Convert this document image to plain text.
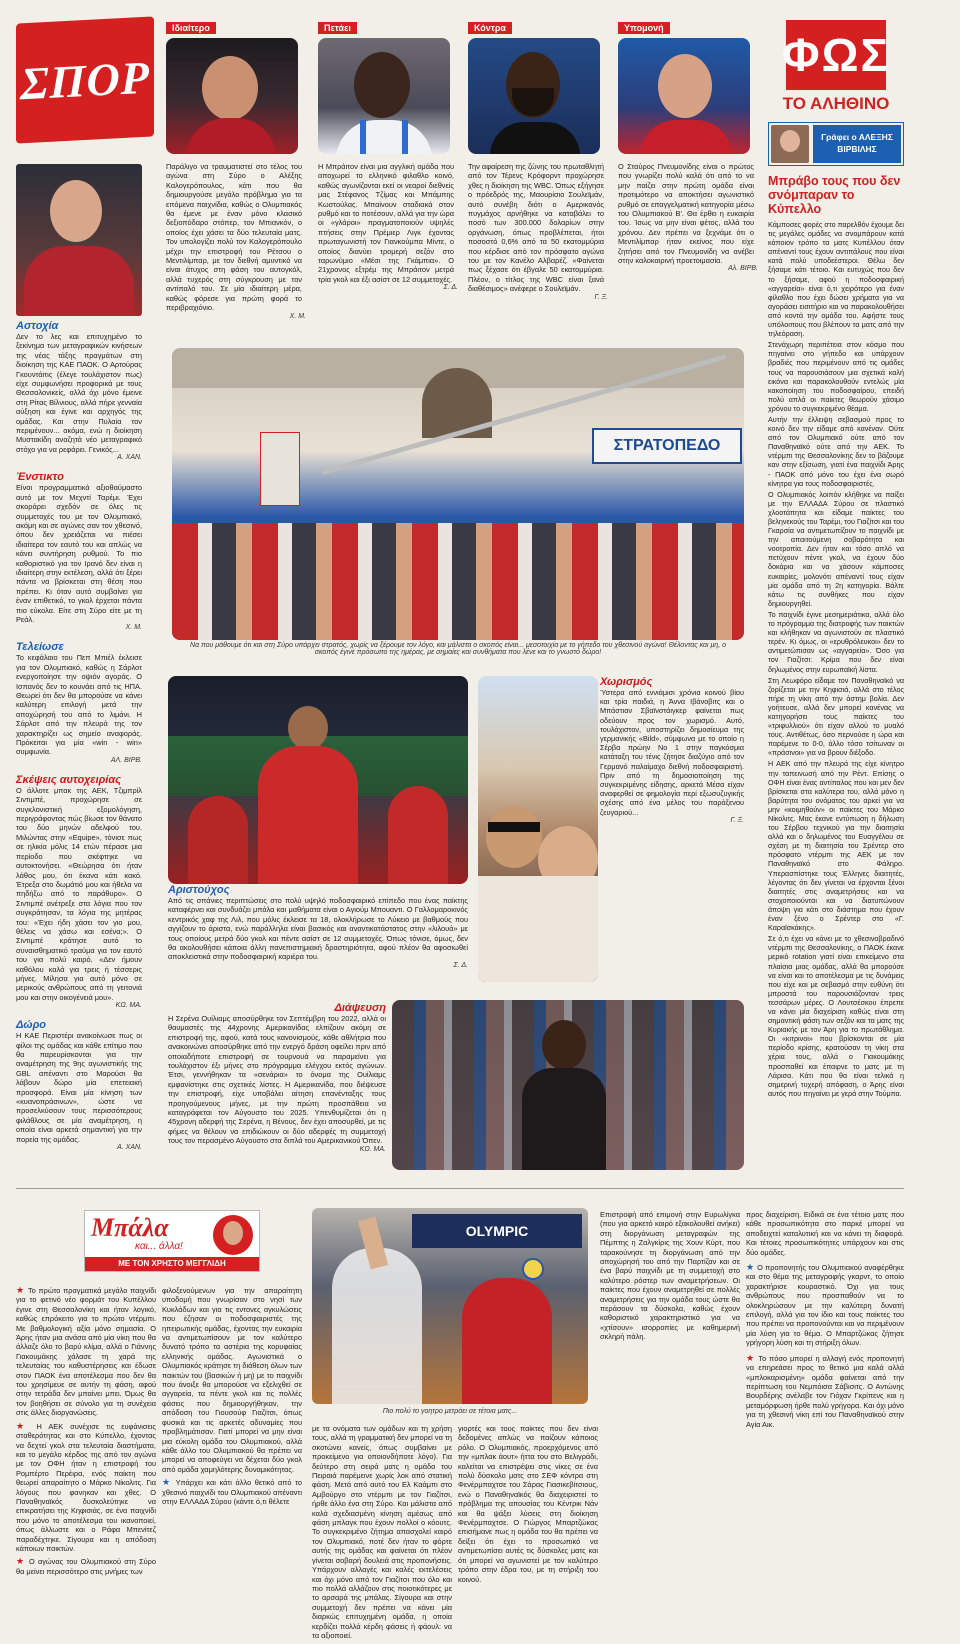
ΣΠΟΡ
Ιδιαίτερο
Παράλιγο να τραυματιστεί στο τέλος του αγώνα στη Σύρο ο Αλέξης Καλογερόπουλος, κάτι που θα δημιουργούσε μεγάλο πρόβλημα για τα επόμενα παιχνίδια, καθώς ο Ολυμπιακός θα έμενε με έναν μόνο κλασικό δεξιοπόδαρο στόπερ, τον Μπιανκόν, ο οποίος έχει χάσει τα δύο τελευταία ματς. Τον υπολογίζει πολύ τον Καλογερόπουλο μέχρι την επιστροφή του Ρέτσου ο Μεντιλίμπαρ, με τον διεθνή αμυντικό να είναι άτυχος στη φάση του αυτογκόλ, αλλά τυχερός στη σύγκρουση με τον αντίπαλό του. Σε μία ιδιαίτερη μέρα, καθώς φόρεσε για πρώτη φορά το περιβραχιόνιο.
Χ. Μ.
Πετάει
Η Μπράιτον είναι μια αγγλική ομάδα που αποχωρεί το ελληνικό φιλαθλο κοινό, καθώς αγωνίζονται εκεί οι νεαροί διεθνείς μας Στέφανος Τζίμας και Μπάμπης Κωστούλας. Μπαίνουν σταδιακά στον ρυθμό και το ποτέσουν, αλλά για την ώρα οι «γλάροι» πραγματοποιούν υψηλές πτήσεις στην Πρέμιερ Λιγκ έχοντας πρωταγωνιστή τον Γιανκούμπα Μίντε, ο οποίος διανύει τρομερή σεζόν στο ταρωνύμιο «Μέσι της Γκάμπια». Ο 21χρονος εξτρέμ της Μπράιτον μετρά τρία γκολ και έξι ασίστ σε 12 συμμετοχές.
Σ. Δ.
Κόντρα
Την αφαίρεση της ζώνης του πρωταθλητή από τον Τέρενς Κρόφορντ προχώρησε χθες η διοίκηση της WBC. Όπως εξήγησε ο πρόεδρός της, Μαουρίσιο Σουλεϊμάν, αυτό συνέβη διότι ο Αμερικανός πυγμάχος αρνήθηκε να καταβάλει το ποσό των 300.000 δολαρίων στην οργάνωση, όπως προβλέπεται, ήτοι ποσοστό 0,6% από τα 50 εκατομμύρια που κέρδισε από τον πρόσφατο αγώνα του με τον Κανέλο Αλβαρέζ. «Φαίνεται πως ξέχασε ότι έβγαλε 50 εκατομμύρια. Πλέον, ο τίτλος της WBC είναι ξανά διαθέσιμος» ανέφερε ο Σουλεϊμάν.
Γ. Ξ.
Υπομονή
Ο Σταύρος Πνευμονίδης είναι ο πρώτος που γνωρίζει πολύ καλά ότι από το να μην παίζει στην πρώτη ομάδα είναι προτιμότερο να αποκτήσει αγωνιστικό ρυθμό σε επαγγελματική κατηγορία μέσω του Ολυμπιακού Β'. Θα έρθει η ευκαιρία του. Ίσως να μην είναι φέτος, αλλά του χρόνου. Δεν πρέπει να ξεχνάμε ότι ο Μεντιλίμπαρ ήταν εκείνος που είχε ζητήσει από τον Πνευμονίδη να ανέβει στην καλοκαιρινή προετοιμασία.
Αλ. ΒΙΡΒ.
ΦΩΣ
ΤΟ ΑΛΗΘΙΝΟ
Γράφει ο ΑΛΕΞΗΣ ΒΙΡΒΙΛΗΣ
Αστοχία
Δεν το λες και επιτυχημένο το ξεκίνημα των μεταγραφικών κινήσεων της νέας τάξης πραγμάτων στη διοίκηση της ΚΑΕ ΠΑΟΚ. Ο Αρτούρας Γκουντάιτις (έλεγε τουλάχιστον πως) είχε συμφωνήσει προφορικά με τους Θεσσαλονικείς, αλλά όχι μόνο έμεινε στη Ρίτας Βίλνιους, αλλά πήρε γενναία αύξηση και έγινε και αρχηγός της ομάδας. Και στην Πυλαία τον περιμένουν... ακόμα, ενώ η διοίκηση Μυστακίδη αναζητά νέο μεταγραφικό στόχο για να ρεφάρει. Γενικός...
Α. ΧΑΝ.
Ένστικτο
Είναι προγραμματικά αξιοθαύμαστο αυτό με τον Μεχντί Ταρέμι. Έχει σκοράρει σχεδόν σε όλες τις συμμετοχές του με τον Ολυμπιακό, ακόμη και σε αγώνες σαν τον χθεσινό, όπου δεν χρειάζεται να πιέσει ιδιαίτερα τον εαυτό του και απλώς να κάνει συντήρηση ρυθμού. Το πιο καθοριστικό για τον Ιρανό δεν είναι η ιδιαίτερη στην εκτέλεση, αλλά ότι ξέρει πάντα να βρίσκεται στη θέση που πρέπει. Κι όταν αυτό συμβαίνει για έναν επιθετικό, το γκολ έρχεται πάντα πιο εύκολα. Είτε στη Σύρο είτε με τη Ρεάλ.
Χ. Μ.
Τελείωσε
Το κεφάλαιο του Πεπ Μπιέλ έκλεισε για τον Ολυμπιακό, καθώς η Σάρλοτ ενεργοποίησε την οψιόν αγοράς. Ο Ισπανός δεν το κουνάει από τις ΗΠΑ. Θεωρεί ότι δεν θα μπορούσε να κάνει καλύτερη επιλογή μετά την αποχώρησή του από το λιμάνι. Η Σάρλοτ από την πλευρά της τον χαρακτηρίζει ως σημείο αναφοράς. Πρόκειται για μία «win - win» συμφωνία.
ΑΛ. ΒΙΡΒ.
Σκέψεις αυτοχειρίας
Ο άλλοτε μπακ της ΑΕΚ, Τζιμπρίλ Σιντιμπέ, προχώρησε σε συγκλονιστική εξομολόγηση, περιγράφοντας πώς βίωσε τον θάνατο του δύο μηνών αδελφού του. Μιλώντας στην «Equipe», τόνισε πως σε ηλικία μόλις 14 ετών πέρασε μια περίοδο που σκέφτηκε να αυτοκτονήσει. «Θεώρησα ότι ήταν λάθος μου, ότι έκανα κάτι κακό. Έτρεξα στο δωμάτιό μου και ήθελα να πηδήξω από το παράθυρο». Ο Σιντιμπέ ανέτρεξε στα λόγια που τον συγκράτησαν, τα λόγια της μητέρας του: «Έχει ήδη χάσει τον γιο μου, θέλεις να χάσω και εσένα;». Ο Σιντιμπέ κράτησε αυτό το συναισθηματικό τραύμα για τον εαυτό του για πολύ καιρό. «Δεν ήμουν καθόλου καλά για τρεις ή τέσσερις μήνες. Μίλησα για αυτό μόνο σε μερικούς ανθρώπους από τη γειτονιά μου και στην οικογένειά μου».
ΚΩ. ΜΑ.
Δώρο
Η ΚΑΕ Περιστέρι ανακοίνωσε πως οι φίλοι της ομάδας και κάθε επίτιμο που θα παρευρίσκονται για την αναμέτρηση της 9ης αγωνιστικής της GBL απέναντι στο Μαρούσι θα λάβουν δώρο μία επετειακή προσφορά. Είναι μία κίνηση των «κυανοπράσινων», ώστε να προσελκύσουν τους περισσότερους φιλάθλους σε μία αναμέτρηση, η οποία είναι αρκετά σημαντική για την πορεία της ομάδας.
Α. ΧΑΝ.
ΣΤΡΑΤΟΠΕΔΟ
Να που μάθουμε ότι και στη Σύρο υπάρχει στρατός, χωρίς να ξέρουμε τον λόγο, και μάλιστα ο σκοπός είναι... μεσοτοιχία με το γήπεδο του χθεσινού αγώνα! Θέλοντας και μη, ο σκοπός έγινε πρόσωπο της ημέρας, με σημαίες και συνθήματα που λένε και το γνωστό δώρο!
Αριστούχος
Από τις σπάνιες περιπτώσεις στο πολύ υψηλό ποδοσφαιρικό επίπεδο που ένας παίκτης καταφέρνει και συνδυάζει μπάλα και μαθήματα είναι ο Αγιούμ Μπουαντι. Ο Γαλλομαροκινός κεντρικός χαφ της Λιλ, που μόλις έκλεισε τα 18, ολοκλήρωσε το Λύκειο με βαθμούς που αγγίζουν το άριστα, ενώ παράλληλα είναι βασικός και αναντικατάστατος στην «λιλουά» με τους οποίους μετρά δύο γκολ και πέντε ασίστ σε 12 συμμετοχές. Όπως τόνισε, όμως, δεν θα ακολουθήσει κάποια άλλη πανεπιστημιακή δραστηριότητα, αφού πλέον θα αφοσιωθεί αποκλειστικά στην ποδοσφαιρική καριέρα του.
Σ. Δ.
Χωρισμός
Ύστερα από εννιάμισι χρόνια κοινού βίου και τρία παιδιά, η Άννα Ιβάνοβιτς και ο Μπάστιαν Σβαϊνστάιγκερ φαίνεται πως οδεύουν προς τον χωρισμό. Αυτό, τουλάχιστον, υποστηρίζει δημοσίευμα της γερμανικής «Bild», σύμφωνα με το οποίο η Σέρβα πρώην Νο 1 στην παγκόσμια κατάταξη του τένις ζήτησε διαζύγιο από τον Γερμανό παλαίμαχο διεθνή ποδοσφαιριστή. Πριν από τη δημοσιοποίηση της συγκεκριμένης είδησης, αρκετά Μέσα είχαν αναφερθεί σε φημολογία περί εξωσυζυγικής σχέσης από ένα μέλος του παράξενου ζευγαριού...
Γ. Ξ.
Διάψευση
Η Σερένα Ουίλιαμς αποσύρθηκε τον Σεπτέμβρη του 2022, αλλά οι θαυμαστές της 44χρονης Αμερικανίδας ελπίζουν ακόμη σε επιστροφή της, αφού, κατά τους κανονισμούς, κάθε αθλήτρια που ανακοινώνει αποσύρθηκε από την ενεργό δράση οφείλει πριν από οποιαδήποτε επιστροφή σε τουρνουά να παραμείνει για τουλάχιστον έξι μήνες στο πρόγραμμα ελέγχου εκτός αγώνων. Έτσι, γεννήθηκαν τα «σενάρια» το όνομα της Ουίλιαμς εμφανίστηκε στις σχετικές λίστες. Η Αμερικανίδα, που διέψευσε την επιστροφή, είχε υποβάλει αίτηση επανένταξης τους προηγούμενους μήνες, με την πρώτη προσπάθεια να καταγράφεται τον Αύγουστο του 2025. Υπενθυμίζεται ότι η 45χρονη αδερφή της Σερένα, η Βένους, δεν έχει αποσυρθεί, με τις φήμες να θέλουν να επιδιώκουν οι δύο αδερφές τη συμμετοχή τους τον περασμένο Αύγουστο στα διπλά του Αμερικανικού Όπεν.
ΚΩ. ΜΑ.
Μπράβο τους που δεν σνόμπαραν το Κύπελλο
Κάμποσες φορές στο παρελθόν έχουμε δει τις μεγάλες ομάδες να σνομπάρουν κατά κάποιον τρόπο τα ματς Κυπέλλου όταν απέναντί τους έχουν αντιπάλους που είναι κατά πολύ υποδεέστεροι. Θέλω δεν ξήσαμε κάτι τέτοιο. Και ευτυχώς που δεν το ξήσαμε, αφού η ποδοσφαιρική «αγγαρεία» είναι ό,τι χειρότερο για έναν φίλαθλο που έχει δώσει χρήματα για να αγοράσει εισιτήριο και να παρακολουθήσει από κοντά την ομάδα του. Αφήστε τους υπόλοιπους που βλέπουν τα ματς από την τηλεόραση.
Στενάχωρη περιπέτεια στον κόσμο που πηγαίνει στο γήπεδο και υπάρχουν βραδιές που περιμένουν από τις ομάδες τους να παρουσιάσουν μια σχετικά καλή εικόνα και παρακολουθούν εντελώς μία κακοποίηση του ποδοσφαίρου, επειδή πολύ απλά οι παίκτες θεωρούν χάσιμο χρόνου το συγκεκριμένο θέαμα.
Αυτήν την έλλειψη σεβασμού προς το κοινό δεν την είδαμε από κανέναν. Ούτε από τον Ολυμπιακό ούτε από τον Παναθηναϊκό ούτε από την ΑΕΚ. Το ντέρμπι της Θεσσαλονίκης δεν το βάζουμε καν στην εξίσωση, γιατί ένα παιχνίδι Άρης - ΠΑΟΚ από μόνο του έχει ένα σωρό κίνητρα για τους ποδοσφαιριστές.
Ο Ολυμπιακός λοιπόν κλήθηκε να παίξει με την ΕΛΛΑΔΑ Σύρου σε πλαστικό χλοοτάπητα και είδαμε παίκτες του βεληνεκούς του Ταρέμι, του Γιαζίτσι και του Γκαρσία να αντιμετωπίζουν το παιχνίδι με την απαιτούμενη σοβαρότητα και νοοτροπία. Δεν ήταν και τόσο απλό να πετύχουν πέντε γκολ, να έχουν δύο δοκάρια και να χάσουν κάμποσες ευκαιρίες, μολονότι απέναντί τους είχαν μία ομάδα από τη 2η κατηγορία. Βάλτε κάτω τις συνθήκες που είχαν δημιουργηθεί.
Το παιχνίδι έγινε μεσημεριάτικα, αλλά όλο το πρόγραμμα της διατροφής των παικτών και κλήθηκαν να αγωνιστούν σε πλαστικό τερέν. Κι όμως, οι «ερυθρόλευκοι» δεν το αντιμετώπισαν ως «αγγαρεία». Όσο για τον Γιαζίτσι: Κρίμα που δεν είναι δηλωμένος στην ευρωπαϊκή λίστα.
Στη Λεωφόρο είδαμε τον Παναθηναϊκό να ζορίζεται με την Κηφισιά, αλλά στο τέλος πήρε τη νίκη από την άστημ βολία. Δεν γοήτευσε, αλλά δεν μπορεί κανένας να κατηγορήσει τους παίκτες του «τριφυλλιού» ότι είχαν αλλού το μυαλό τους. Αντιθέτως, όσο περνούσε η ώρα και παρέμενε το 0-0, άλλο τόσο τσίτωναν οι «πράσινοι» για να βρουν διέξοδο.
Η ΑΕΚ από την πλευρά της είχε κίνητρο την ταπεινωσή από την Ρέντ. Επίσης ο ΟΦΗ είναι ένας αντίπαλος που και μεν δεν βρίσκεται στα καλύτερα του, αλλά μόνο η βαρύτητα του ονόματος του αρκεί για να μην «κοιμηθούν» οι παίκτες του Μάρκο Νίκολιτς. Μας έκανε εντύπωση η δήλωση του Σέρβου τεχνικού για την διαιτησία αλλά και ο δηλωμένος του Ευαγγέλου σε σχέση με τη διαιτησία του Σρέντερ στο πρόσφατο ντέρμπι της ΑΕΚ με τον Παναθηναϊκό στο Φάληρο. Υπερασπίστηκε τους Έλληνες διαιτητές, λέγοντας ότι δεν γίνεται να έρχονται ξένοι διαιτητές στις αναμετρήσεις και να στοχοποιούνται και να διατυπώνουν άποψη για κάτι στο διάστημα που έχουν έναν ξένο ο Σρέντερ στο «Γ. Καραϊσκάκης».
Σε ό,τι έχει να κάνει με το χθεσινοβραδινό ντέρμπι της Θεσσαλονίκης, ο ΠΑΟΚ έκανε μερικό rotation γιατί είναι επικείμενο στα πλαίσια μιας ομάδας, αλλά θα μπορούσε να είναι και το αποτέλεσμα με τις δυνάμεις που είχε και με σεβασμό στην ευθύνη ότι μπροστά του παρουσιάζονταν τρεις τεσσάρων μέρες. Ο Λουτσέσκου έπρεπε να κάνει μία διαχείριση καθώς είναι στη σημαντική φάση των σεζόν και τα ματς της Κυριακής με τον Άρη για το πρωτάθλημα. Οι «κιτρινοι» που βρίσκονται σε μία περίοδο κρίσης, κρατούσαν τη νίκη στα χέρια τους, αλλά ο Γιακουμάκης προσπαθεί και έπαιρνε το ματς με τη Λάρισα. Κάτι που θα είναι τελικά η σημερινή τυχερή απόφαση, ο Άρης είναι αυτός που πηγαίνει με γερά στην Τούμπα.
Μπάλα
και... άλλα!
ΜΕ ΤΟΝ ΧΡΗΣΤΟ ΜΕΓΓΛΙΔΗ
★ Το πρώτο πραγματικά μεγάλο παιχνίδι για το φετινό νέο φορμάτ του Κυπέλλου έγινε στη Θεσσαλονίκη και ήταν λογικό, καθώς επρόκειτο για το πρώτο ντέρμπι. Με βαθμολογική αξία μόνο σημασία. Ο Άρης ήταν μια ανάσα από μία νίκη που θα άλλαζε όλο το βαρύ κλίμα, αλλά ο Γιάννης Γιακουμάκης χάλασε τη χαρά της τελευταίας του καθυστέρησεις και έδωσε στον ΠΑΟΚ ένα αποτέλεσμα που δεν θα του χρησίμευε σε αυτήν τη φάση, αφού στην τετράδα δεν μπαίνει μπει. Όμως θα τον βοηθήσει σε σύνολο για τη συνέχεια στις άλλες διοργανώσεις.
★ Η ΑΕΚ συνέχισε τις ευφάνισεις σταθερότητας και στο Κύπελλο, έχοντας να δεχτεί γκολ στα τελευταία διαστήματα, και το μεγάλο κέρδος της από τον αγώνα με τον ΟΦΗ ήταν η επιστροφή του Ρομπέρτο Περέιρα, ενός παίκτη που θεωρεί απαραίτητο ο Μάρκο Νίκολιτς. Για λόγους που φανηκαν και χθες. Ο Παναθηναϊκός δυσκολεύτηκε να επικρατήσει της Κηφισιάς, σε ένα παιχνίδι που μόνο το αποτέλεσμα του ικανοποιεί, όπως άλλωστε και ο Ράφα Μπενίτεζ παραδέχτηκε. Σίγουρα και η απόδοση κάποιων παικτών.
★ Ο αγώνας του Ολυμπιακού στη Σύρο θα μείνει περισσότερο στις μνήμες των
φιλοξενούμενων για την απαραίτητη υποδομή που γνωρίσαν στο νησί των Κυκλάδων και για τις εντονες αγκυλώσεις που έζησαν οι ποδοσφαιριστές της ηπειρωτικής ομάδας, έχοντας την ευκαιρία να αντιμετωπίσουν με τον καλύτερο δυνατό τρόπο τα αστέρια της κορυφαίας ελληνικής ομάδας. Αγωνιστικά ο Ολυμπιακός κράτησε τη διάθεση όλων των παικτών του (βασικών ή μη) με το παιχνίδι που άνοιξε θα μπορούσε να εξελιχθεί σε αγγαρεία, τα πέντε γκολ και τις πολλές φάσεις που δημιουργήθηκαν, την απόδοση του Γιουσούφ Γιαζίτσι, όπως φυσικά και τις αρκετές αδυναμίες που προβλημάτισαν. Γιατί μπορεί να μην είναι μια εύκολη ομάδα του Ολυμπιακού, αλλά κάθε άλλο του Ολυμπιακού θα πρέπει να μπορεί να αποφεύγει να δέχεται δύο γκολ από ομάδα χαμηλότερης δυναμικότητας.
★ Υπάρχει και κάτι άλλο θετικό από το χθεσινό παιχνίδι του Ολυμπιακού απέναντι στην ΕΛΛΑΔΑ Σύρου (κάντε ό,τι θέλετε
OLYMPIC
Πιο πολύ το γοητρο μετράει σε τέτοια ματς...
με τα ονόματα των ομάδων και τη χρήση τους, αλλά τη γραμματική δεν μπορεί να τη σκοτώνει κανείς, όπως συμβαίνει με προκείμενο για οποιονδήποτε λόγο). Για δεύτερο στη σειρά ματς η ομάδα του Πειραιά παρέμεινε χωρίς λοκ από στατική φάση. Μετά από αυτό του Ελ Καάμπι στο Αμβούργο στο ντέρμπι με τον Γιαζίτσι, ήρθε άλλο ένα στη Σύρο. Και μάλιστα από καλά σχεδιασμένη κίνηση αμέσως από φάση μπλαγκ που έχουν πολλοί ο κόουτς. Το συγκεκριμένο ζήτημα απασχολεί καιρό τον Ολυμπιακό, ποτέ δεν ήταν το φόρτε αυτής της ομάδας και φαίνεται ότι πλέον γίνεται σοβαρή δουλειά στις προπονήσεις. Υπάρχουν αλλαγές και καλές εκτελέσεις και όχι μόνο από τον Γιαζίτσι που όλο και πιο πολλά αλλάζουν στις ποιοτικότερες με το αρσαρά της μπάλας. Σίγουρα και στην συμμετοχή δεν πρέπει να κάνει μία διαρκώς επιτυχημένη ομάδα, η οποία κερδίζει πολλά κέρδη φάσεις ή φάουλ: να τα αξιοποιεί.
Επιστροφή από επιμονή στην Ευρωλίγκα (που για αρκετό καιρό εξακολουθεί ανήκει) στη διοργάνωση μεταγραφών της Πέμπτης η Ζαλγκίρις της Χουν Κύρτ, που ταρακούνησε τη διοργάνωση από την αποχώρησή του από την Παρτίζαν και σε ένα βαρύ παιχνίδι με τη συμμετοχή στο καλύτερο ρόστερ των αναμετρήσεων. Οι παίκτες που έχουν αναμετρηθεί σε πολλές αναμετρήσεις για την ομάδα τους ώστε θα περάσουν τα δύσκολα, καθώς έχουν καθοριστικό χαρακτηριστικό για να «χτίσουν» ισορροπίες με καθημερινή σκληρή πάλη.
γιορτές και τους παίκτες που δεν είναι δεδομένες απλώς να παίζουν κάποιος ρόλο. Ο Ολυμπιακός, προερχόμενος από την «μπλακ άουτ» ήττα του στο Βελιγράδι, καλείται να επιστρέψει στις νίκες σε ένα πολύ δύσκολο ματς στο ΣΕΦ κόντρα στη Φενέρμπαχτσε του Σάρας Γιασικεβίτσιους, ενώ ο Παναθηναϊκός θα διαχειριστεί το πρόβλημα της απουσίας του Κέντρικ Νάν και θα ψάξει λύσεις στη διοίκηση Φενέρμπαχτσε. Ο Γιώργος Μπαρτζώκας επισήμανε πως η ομάδα του θα πρέπει να δείξει ότι έχει το προσωπικό να αντιμετωπίσει αυτές τις δύσκολες ματς και ότι μπορεί να αγωνιστεί με τον καλύτερο τρόπο στην έδρα του, με τη στήριξη του κοινού.
προς διαχείριση. Ειδικά σε ένα τέτοιο ματς που κάθε προσωπικότητα στο παρκέ μπορεί να αποδειχτεί καταλυτική και να κάνει τη διαφορά. Και τέτοιες προσωπικότητες υπάρχουν και στις δύο ομάδες.
★ Ο προπονητής του Ολυμπιακού αναφέρθηκε και στο θέμα της μεταγραφής γκαρντ, το οποίο χαρακτήρισε κουραστικό. Όχι για τους ανθρώπους που προσπαθούν να το ολοκληρώσουν με την καλύτερη δυνατή επιλογή, αλλά για τον ίδιο και τους παίκτες του που πρέπει να προπονούνται και να περιμένουν μία λύση για το θέμα. Ο Μπαρτζώκας ζήτησε γρήγορη λύση και τη στήριξη όλων.
★ Το πόσο μπορεί η αλλαγή ενός προπονητή να επηρεάσει προς το θετικό μια καλά αλλά «μπλοκαρισμένη» ομάδα φαίνεται από την περίπτωση του Νεμπόισα Σάβισιτς. Ο Αντώνης Βουρδέρης ανέλαβε τον Γιόχαν Γκρίπενς και η μεταμόρφωση ήρθε πολύ γρήγορα. Και όχι μόνο για τη χθεσινή νίκη επί του Παναθηναϊκού στην Αγία Αικ.
